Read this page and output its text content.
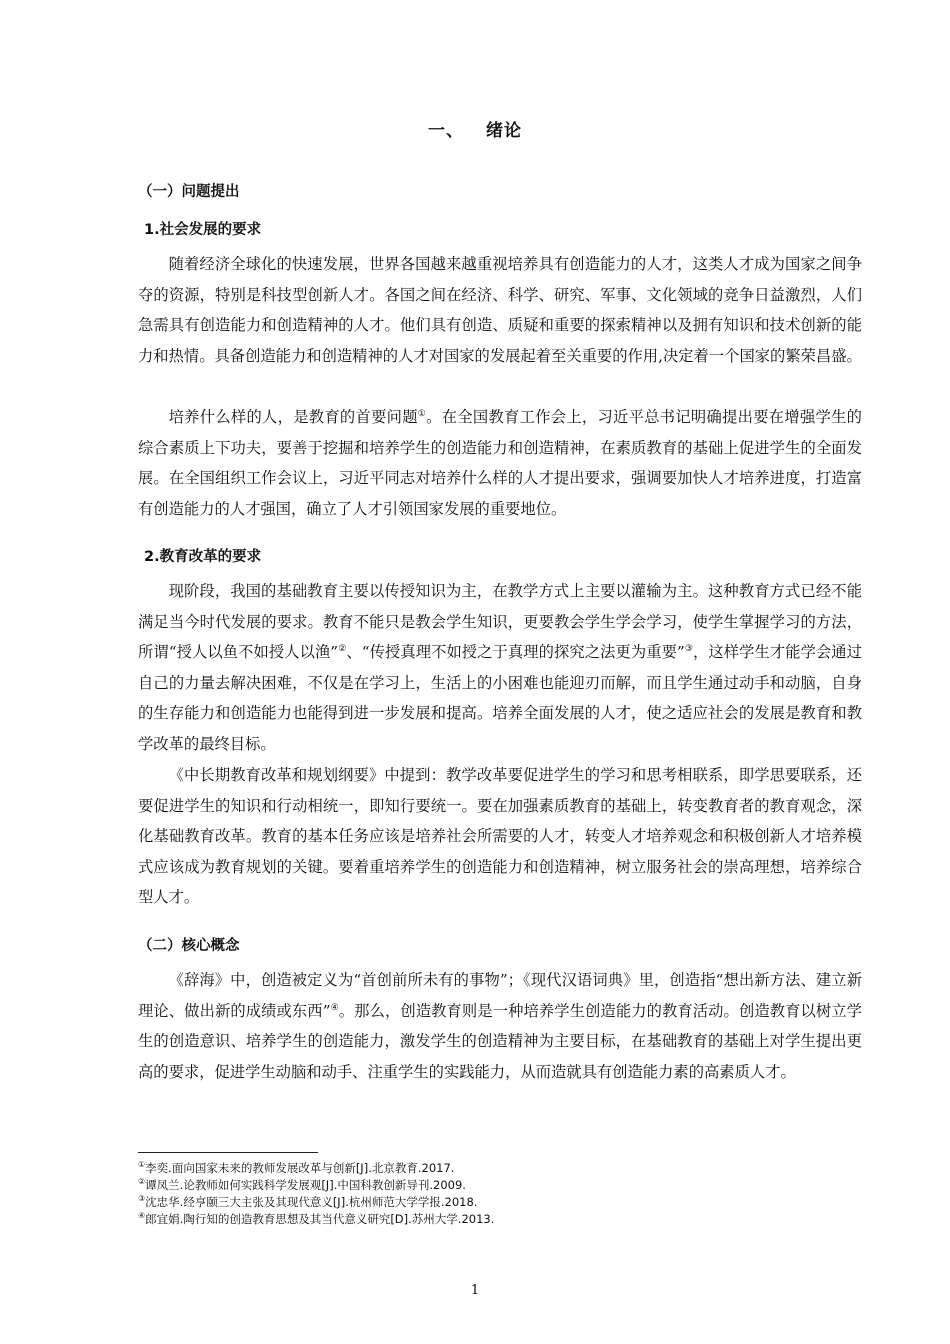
一、 绪论
（一）问题提出
1.社会发展的要求

随着经济全球化的快速发展，世界各国越来越重视培养具有创造能力的人才，这类人才成为国家之间争夺的资源，特别是科技型创新人才。各国之间在经济、科学、研究、军事、文化领域的竞争日益激烈，人们急需具有创造能力和创造精神的人才。他们具有创造、质疑和重要的探索精神以及拥有知识和技术创新的能力和热情。具备创造能力和创造精神的人才对国家的发展起着至关重要的作用,决定着一个国家的繁荣昌盛。

培养什么样的人，是教育的首要问题①。在全国教育工作会上，习近平总书记明确提出要在增强学生的综合素质上下功夫，要善于挖掘和培养学生的创造能力和创造精神，在素质教育的基础上促进学生的全面发展。在全国组织工作会议上，习近平同志对培养什么样的人才提出要求，强调要加快人才培养进度，打造富有创造能力的人才强国，确立了人才引领国家发展的重要地位。

2.教育改革的要求

现阶段，我国的基础教育主要以传授知识为主，在教学方式上主要以灌输为主。这种教育方式已经不能满足当今时代发展的要求。教育不能只是教会学生知识，更要教会学生学会学习，使学生掌握学习的方法，所谓“授人以鱼不如授人以渔”②、“传授真理不如授之于真理的探究之法更为重要”③，这样学生才能学会通过自己的力量去解决困难，不仅是在学习上，生活上的小困难也能迎刃而解，而且学生通过动手和动脑，自身的生存能力和创造能力也能得到进一步发展和提高。培养全面发展的人才，使之适应社会的发展是教育和教学改革的最终目标。

《中长期教育改革和规划纲要》中提到：教学改革要促进学生的学习和思考相联系，即学思要联系，还要促进学生的知识和行动相统一，即知行要统一。要在加强素质教育的基础上，转变教育者的教育观念，深化基础教育改革。教育的基本任务应该是培养社会所需要的人才，转变人才培养观念和积极创新人才培养模式应该成为教育规划的关键。要着重培养学生的创造能力和创造精神，树立服务社会的崇高理想，培养综合型人才。

（二）核心概念

《辞海》中，创造被定义为“首创前所未有的事物”；《现代汉语词典》里，创造指“想出新方法、建立新理论、做出新的成绩或东西”④。那么，创造教育则是一种培养学生创造能力的教育活动。创造教育以树立学生的创造意识、培养学生的创造能力，激发学生的创造精神为主要目标，在基础教育的基础上对学生提出更高的要求，促进学生动脑和动手、注重学生的实践能力，从而造就具有创造能力素的高素质人才。

①李奕.面向国家未来的教师发展改革与创新[J].北京教育.2017.
②谭凤兰.论教师如何实践科学发展观[J].中国科教创新导刊.2009.
③沈忠华.经亨颐三大主张及其现代意义[J].杭州师范大学学报.2018.
④郎宜娟.陶行知的创造教育思想及其当代意义研究[D].苏州大学.2013.
1
